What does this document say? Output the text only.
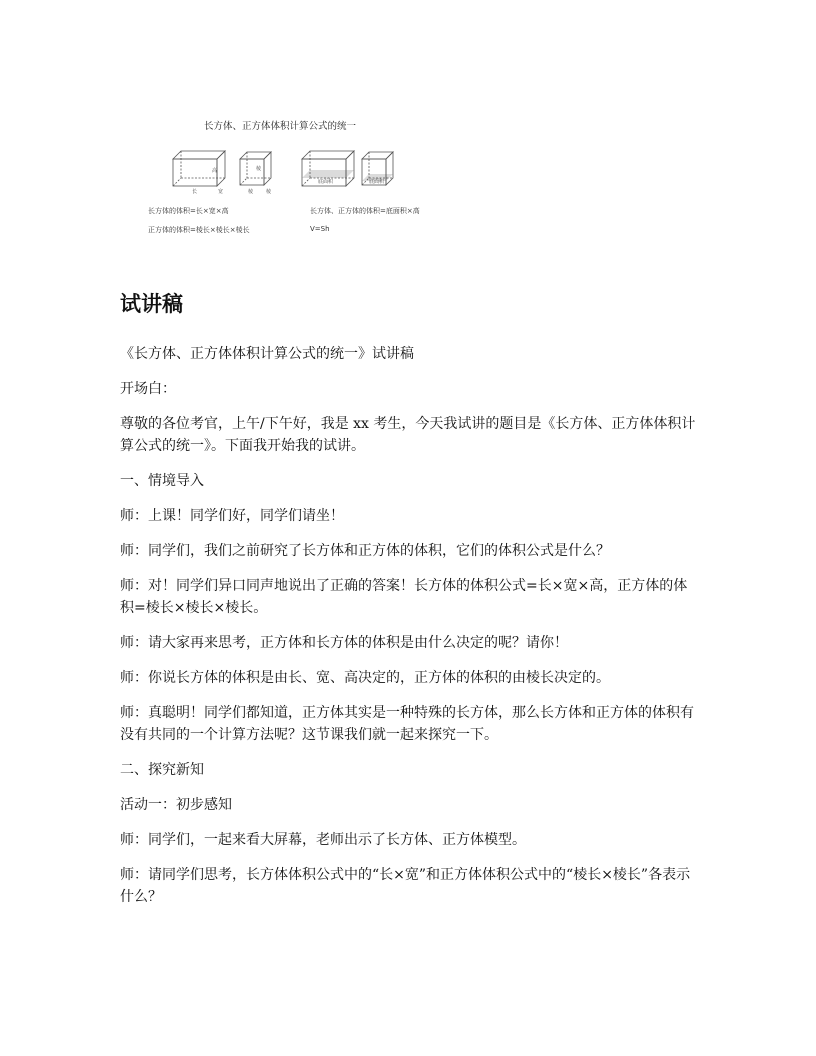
长方体、正方体体积计算公式的统一
高
长	宽
棱
棱	棱
底面积	底面积
长方体的体积=长×宽×高
正方体的体积=棱长×棱长×棱长
长方体、正方体的体积=底面积×高
V=Sh
试讲稿

《长方体、正方体体积计算公式的统一》试讲稿

开场白：

尊敬的各位考官，上午/下午好，我是 xx 考生，今天我试讲的题目是《长方体、正方体体积计算公式的统一》。下面我开始我的试讲。

一、情境导入

师：上课！同学们好，同学们请坐！

师：同学们，我们之前研究了长方体和正方体的体积，它们的体积公式是什么？

师：对！同学们异口同声地说出了正确的答案！长方体的体积公式=长×宽×高，正方体的体积=棱长×棱长×棱长。

师：请大家再来思考，正方体和长方体的体积是由什么决定的呢？请你！

师：你说长方体的体积是由长、宽、高决定的，正方体的体积的由棱长决定的。

师：真聪明！同学们都知道，正方体其实是一种特殊的长方体，那么长方体和正方体的体积有没有共同的一个计算方法呢？这节课我们就一起来探究一下。

二、探究新知

活动一：初步感知

师：同学们，一起来看大屏幕，老师出示了长方体、正方体模型。

师：请同学们思考，长方体体积公式中的“长×宽”和正方体体积公式中的“棱长×棱长”各表示什么？
